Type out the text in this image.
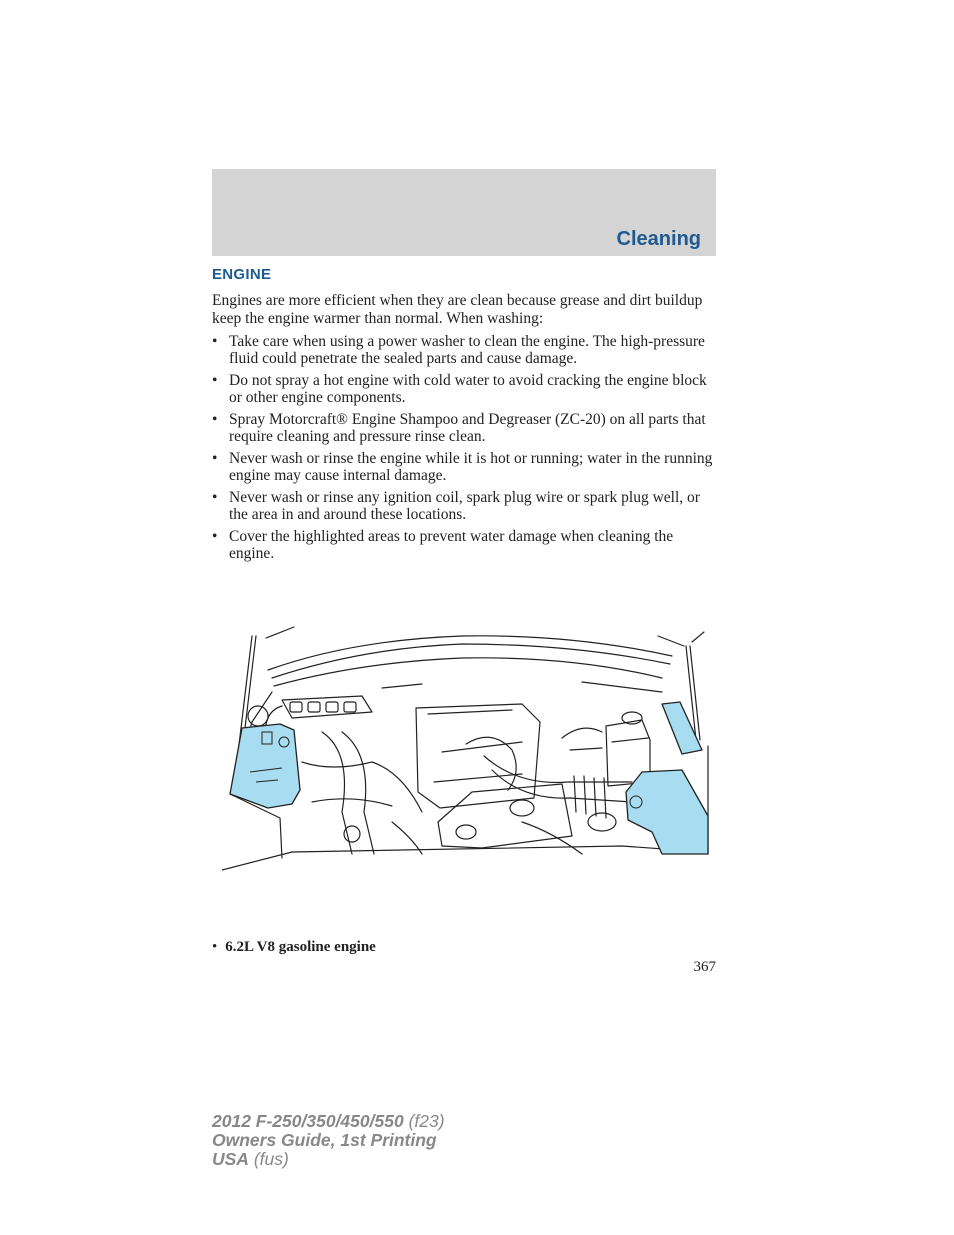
Cleaning
ENGINE

Engines are more efficient when they are clean because grease and dirt buildup keep the engine warmer than normal. When washing:

• Take care when using a power washer to clean the engine. The high-pressure fluid could penetrate the sealed parts and cause damage.
• Do not spray a hot engine with cold water to avoid cracking the engine block or other engine components.
• Spray Motorcraft® Engine Shampoo and Degreaser (ZC-20) on all parts that require cleaning and pressure rinse clean.
• Never wash or rinse the engine while it is hot or running; water in the running engine may cause internal damage.
• Never wash or rinse any ignition coil, spark plug wire or spark plug well, or the area in and around these locations.
• Cover the highlighted areas to prevent water damage when cleaning the engine.
• 6.2L V8 gasoline engine
367
2012 F-250/350/450/550 (f23)
Owners Guide, 1st Printing
USA (fus)
